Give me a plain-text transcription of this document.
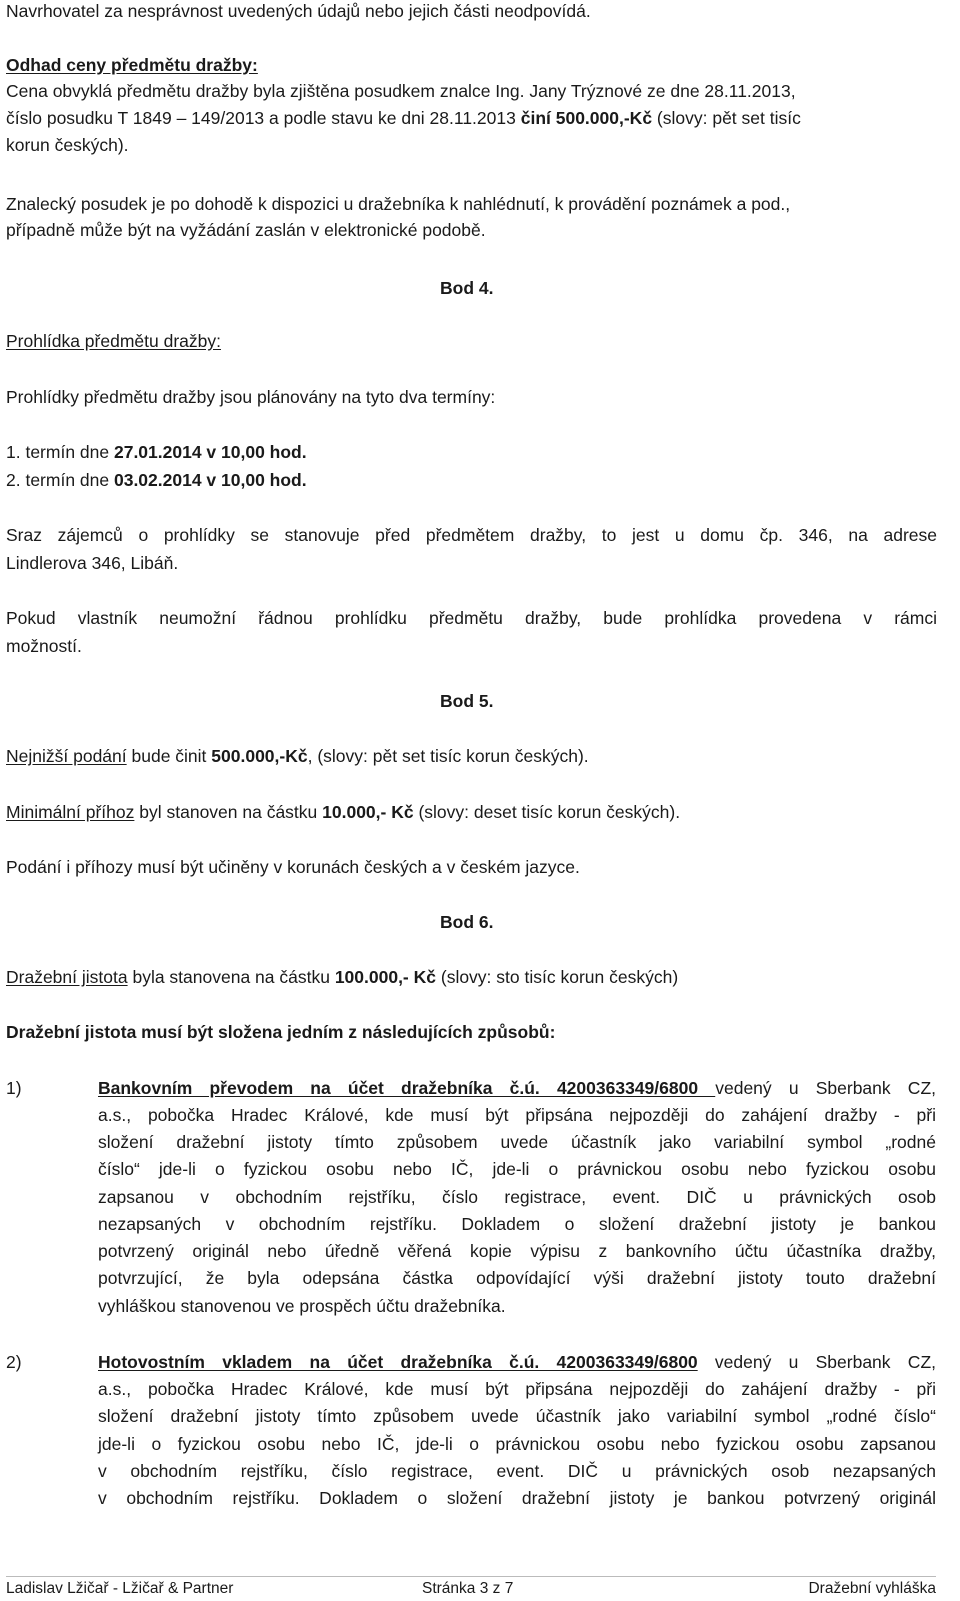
Navrhovatel za nesprávnost uvedených údajů nebo jejich části neodpovídá.
Odhad ceny předmětu dražby:
Cena obvyklá předmětu dražby byla zjištěna posudkem znalce Ing. Jany Trýznové ze dne 28.11.2013,
číslo posudku T 1849 – 149/2013 a podle stavu ke dni 28.11.2013 činí 500.000,-Kč (slovy: pět set tisíc
korun českých).
Znalecký posudek je po dohodě k dispozici u dražebníka k nahlédnutí, k provádění poznámek a pod.,
případně může být na vyžádání zaslán v elektronické podobě.
Bod 4.
Prohlídka předmětu dražby:
Prohlídky předmětu dražby jsou plánovány na tyto dva termíny:
1. termín dne 27.01.2014 v 10,00 hod.
2. termín dne 03.02.2014 v 10,00 hod.
Sraz zájemců o prohlídky se stanovuje před předmětem dražby, to jest u domu čp. 346, na adrese
Lindlerova 346, Libáň.
Pokud vlastník neumožní řádnou prohlídku předmětu dražby, bude prohlídka provedena v rámci
možností.
Bod 5.
Nejnižší podání bude činit 500.000,-Kč, (slovy: pět set tisíc korun českých).
Minimální příhoz byl stanoven na částku 10.000,- Kč (slovy: deset tisíc korun českých).
Podání i příhozy musí být učiněny v korunách českých a v českém jazyce.
Bod 6.
Dražební jistota byla stanovena na částku 100.000,- Kč (slovy: sto tisíc korun českých)
Dražební jistota musí být složena jedním z následujících způsobů:
1)	Bankovním převodem na účet dražebníka č.ú. 4200363349/6800 vedený u Sberbank CZ,
a.s., pobočka Hradec Králové, kde musí být připsána nejpozději do zahájení dražby - při
složení dražební jistoty tímto způsobem uvede účastník jako variabilní symbol „rodné
číslo“ jde-li o fyzickou osobu nebo IČ, jde-li o právnickou osobu nebo fyzickou osobu
zapsanou v obchodním rejstříku, číslo registrace, event. DIČ u právnických osob
nezapsaných v obchodním rejstříku. Dokladem o složení dražební jistoty je bankou
potvrzený originál nebo úředně věřená kopie výpisu z bankovního účtu účastníka dražby,
potvrzující, že byla odepsána částka odpovídající výši dražební jistoty touto dražební
vyhláškou stanovenou ve prospěch účtu dražebníka.
2)	Hotovostním vkladem na účet dražebníka č.ú. 4200363349/6800 vedený u Sberbank CZ,
a.s., pobočka Hradec Králové, kde musí být připsána nejpozději do zahájení dražby - při
složení dražební jistoty tímto způsobem uvede účastník jako variabilní symbol „rodné číslo“
jde-li o fyzickou osobu nebo IČ, jde-li o právnickou osobu nebo fyzickou osobu zapsanou
v obchodním rejstříku, číslo registrace, event. DIČ u právnických osob nezapsaných
v obchodním rejstříku. Dokladem o složení dražební jistoty je bankou potvrzený originál
Ladislav Lžičař - Lžičař & Partner	Stránka 3 z 7	Dražební vyhláška
